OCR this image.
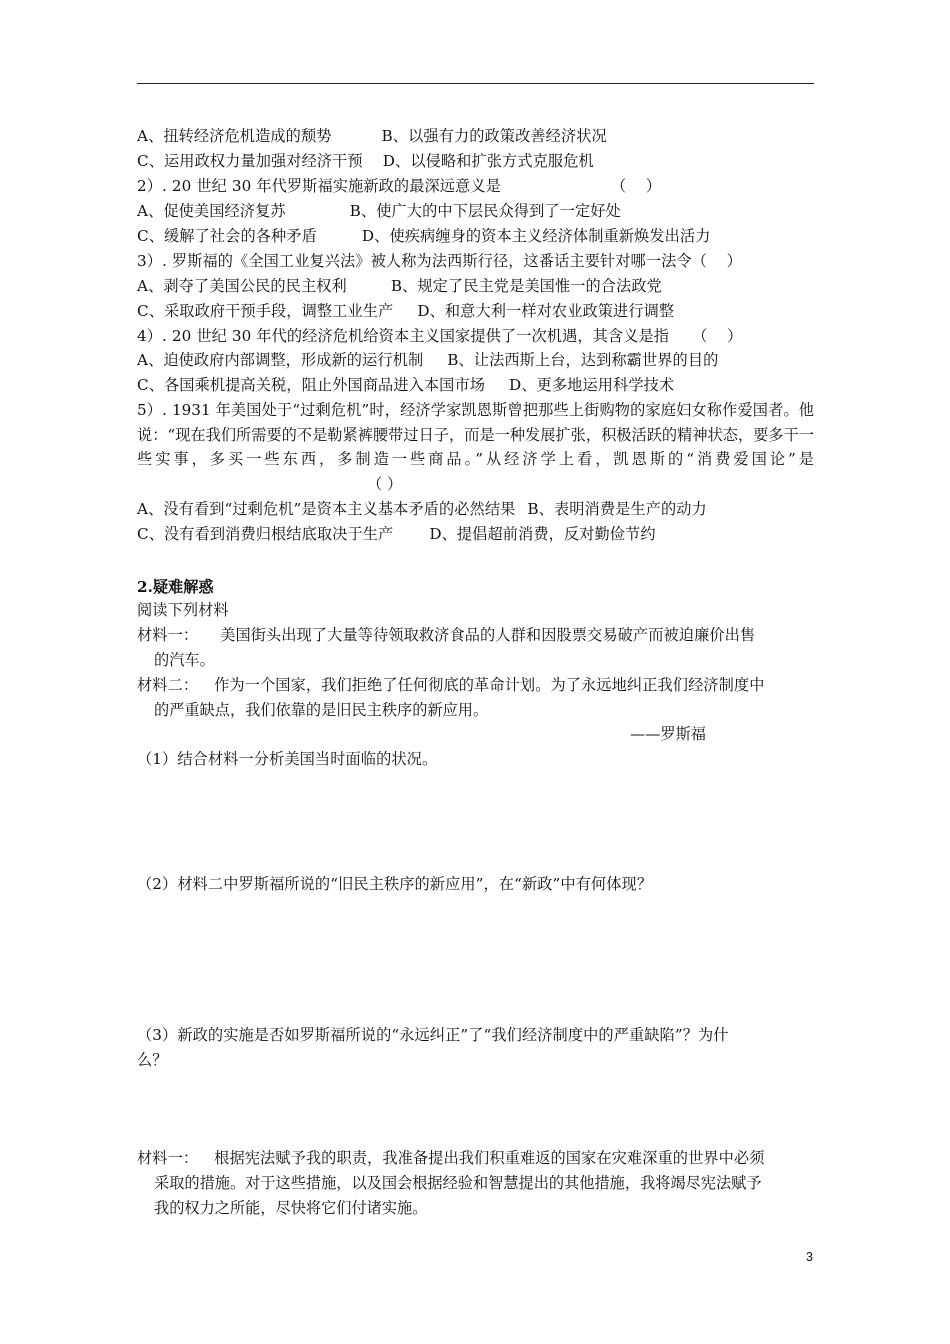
A、扭转经济危机造成的颓势	B、以强有力的政策改善经济状况
C、运用政权力量加强对经济干预 D、以侵略和扩张方式克服危机
2）. 20 世纪 30 年代罗斯福实施新政的最深远意义是	（    ）
A、促使美国经济复苏	B、使广大的中下层民众得到了一定好处
C、缓解了社会的各种矛盾	D、使疾病缠身的资本主义经济体制重新焕发出活力
3）. 罗斯福的《全国工业复兴法》被人称为法西斯行径，这番话主要针对哪一法令（    ）
A、剥夺了美国公民的民主权利	B、规定了民主党是美国惟一的合法政党
C、采取政府干预手段，调整工业生产 D、和意大利一样对农业政策进行调整
4）. 20 世纪 30 年代的经济危机给资本主义国家提供了一次机遇，其含义是指 （    ）
A、迫使政府内部调整，形成新的运行机制 B、让法西斯上台，达到称霸世界的目的
C、各国乘机提高关税，阻止外国商品进入本国市场 D、更多地运用科学技术
5）. 1931 年美国处于“过剩危机”时，经济学家凯恩斯曾把那些上街购物的家庭妇女称作爱国者。他说：“现在我们所需要的不是勒紧裤腰带过日子，而是一种发展扩张，积极活跃的精神状态，要多干一些实事，多买一些东西，多制造一些商品。”从经济学上看，凯恩斯的“消费爱国论”是（ ）
A、没有看到“过剩危机”是资本主义基本矛盾的必然结果 B、表明消费是生产的动力
C、没有看到消费归根结底取决于生产 D、提倡超前消费，反对勤俭节约
2.疑难解惑
阅读下列材料
材料一： 美国街头出现了大量等待领取救济食品的人群和因股票交易破产而被迫廉价出售
的汽车。
材料二： 作为一个国家，我们拒绝了任何彻底的革命计划。为了永远地纠正我们经济制度中
的严重缺点，我们依靠的是旧民主秩序的新应用。
——罗斯福
（1）结合材料一分析美国当时面临的状况。
（2）材料二中罗斯福所说的“旧民主秩序的新应用”，在“新政”中有何体现？
（3）新政的实施是否如罗斯福所说的“永远纠正”了“我们经济制度中的严重缺陷”？为什
么？
材料一： 根据宪法赋予我的职责，我准备提出我们积重难返的国家在灾难深重的世界中必须
采取的措施。对于这些措施，以及国会根据经验和智慧提出的其他措施，我将竭尽宪法赋予
我的权力之所能，尽快将它们付诸实施。
3
